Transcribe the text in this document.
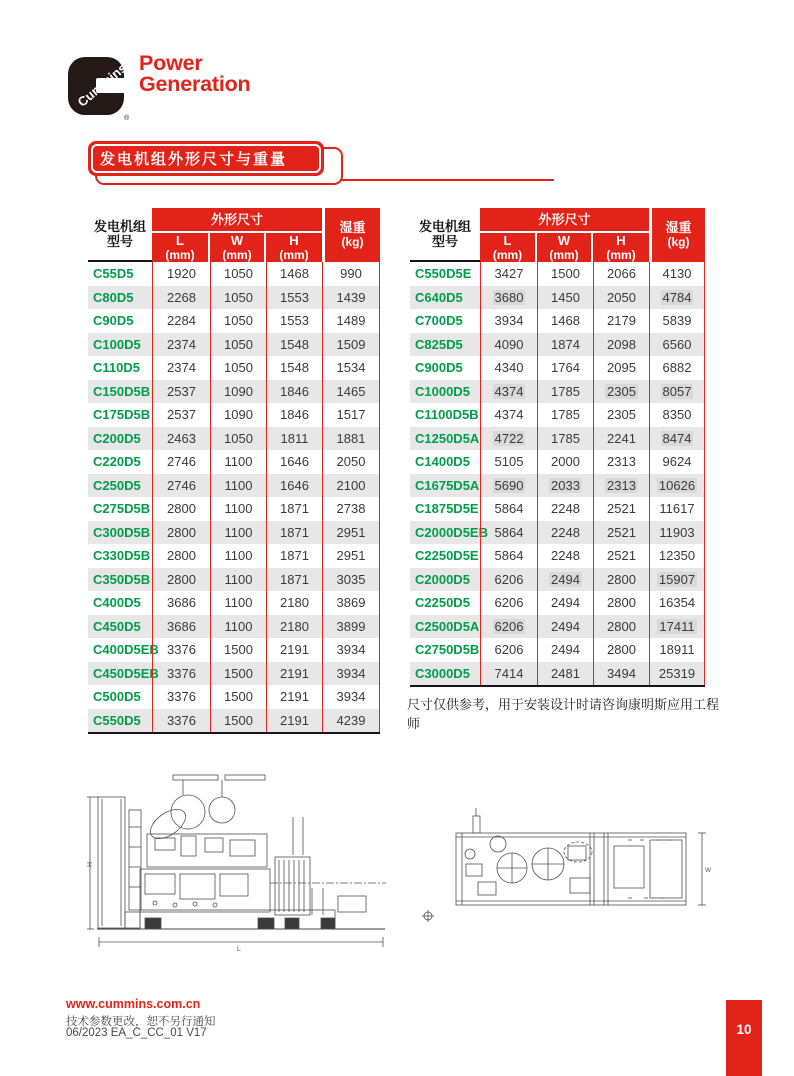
Cummins
®
Power
Generation
发电机组外形尺寸与重量
发电机组
型号
外形尺寸
L
(mm)
W
(mm)
H
(mm)
湿重
(kg)
C55D5	1920	1050	1468	990
C80D5	2268	1050	1553	1439
C90D5	2284	1050	1553	1489
C100D5	2374	1050	1548	1509
C110D5	2374	1050	1548	1534
C150D5B	2537	1090	1846	1465
C175D5B	2537	1090	1846	1517
C200D5	2463	1050	1811	1881
C220D5	2746	1100	1646	2050
C250D5	2746	1100	1646	2100
C275D5B	2800	1100	1871	2738
C300D5B	2800	1100	1871	2951
C330D5B	2800	1100	1871	2951
C350D5B	2800	1100	1871	3035
C400D5	3686	1100	2180	3869
C450D5	3686	1100	2180	3899
C400D5EB 3376	1500	2191	3934
C450D5EB 3376	1500	2191	3934
C500D5	3376	1500	2191	3934
C550D5	3376	1500	2191	4239
发电机组
型号
外形尺寸
L
(mm)
W
(mm)
H
(mm)
湿重
(kg)
C550D5E	3427	1500	2066	4130
C640D5	3680	1450	2050	4784
C700D5	3934	1468	2179	5839
C825D5	4090	1874	2098	6560
C900D5	4340	1764	2095	6882
C1000D5	4374	1785	2305 8057
C1100D5B	4374	1785	2305	8350
C1250D5A 4722	1785	2241	8474
C1400D5	5105	2000	2313	9624
C1675D5A 5690 2033 2313 10626
C1875D5E	5864	2248	2521	11617
C2000D5EB 5864	2248	2521	11903
C2250D5E	5864	2248	2521	12350
C2000D5	6206	2494	2800	15907
C2250D5	6206	2494	2800	16354
C2500D5A 6206	2494	2800	17411
C2750D5B	6206	2494	2800	18911
C3000D5	7414	2481	3494	25319
尺寸仅供参考，用于安装设计时请咨询康明斯应用工程师
H
L
W
www.cummins.com.cn
技术参数更改，恕不另行通知
06/2023 EA_C_CC_01 V17	10
